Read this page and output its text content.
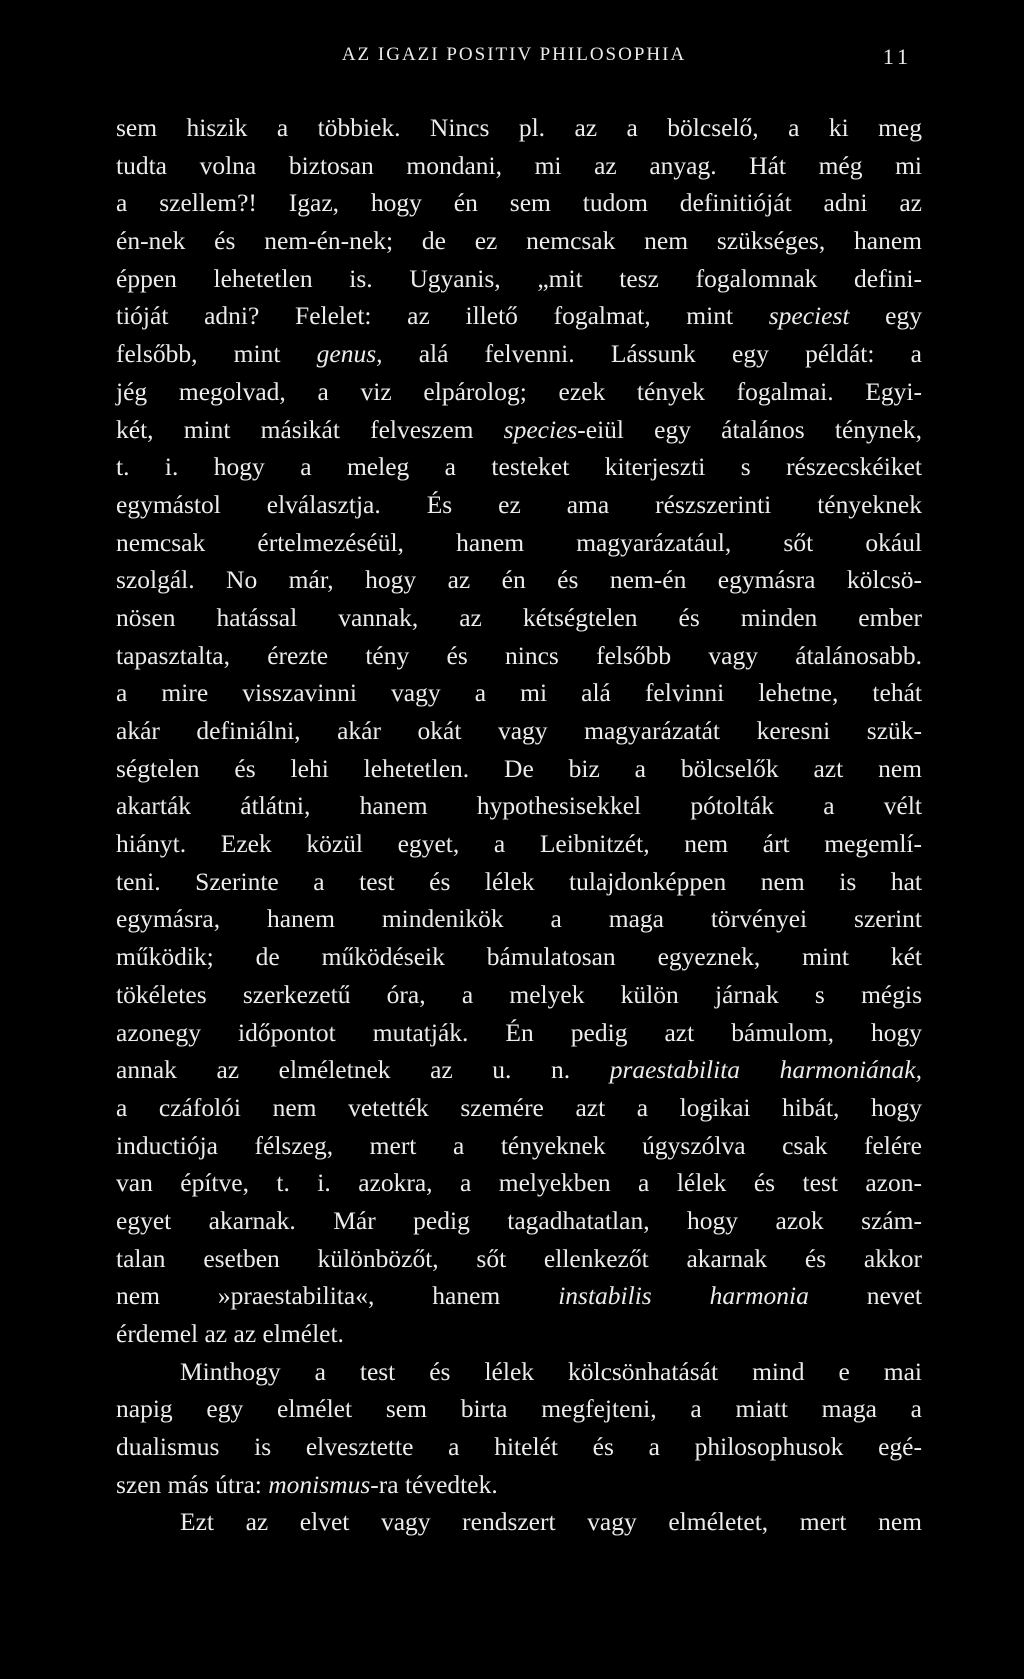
AZ IGAZI POSITIV PHILOSOPHIA	11
sem hiszik a többiek. Nincs pl. az a bölcselő, a ki meg
tudta volna biztosan mondani, mi az anyag. Hát még mi
a szellem?! Igaz, hogy én sem tudom definitióját adni az
én-nek és nem-én-nek; de ez nemcsak nem szükséges, hanem
éppen lehetetlen is. Ugyanis, „mit tesz fogalomnak defini-
tióját adni? Felelet: az illető fogalmat, mint speciest egy
felsőbb, mint genus, alá felvenni. Lássunk egy példát: a
jég megolvad, a viz elpárolog; ezek tények fogalmai. Egyi-
két, mint másikát felveszem species-eiül egy átalános ténynek,
t. i. hogy a meleg a testeket kiterjeszti s részecskéiket
egymástol elválasztja. És ez ama részszerinti tényeknek
nemcsak értelmezéséül, hanem magyarázatául, sőt okául
szolgál. No már, hogy az én és nem-én egymásra kölcsö-
nösen hatással vannak, az kétségtelen és minden ember
tapasztalta, érezte tény és nincs felsőbb vagy átalánosabb.
a mire visszavinni vagy a mi alá felvinni lehetne, tehát
akár definiálni, akár okát vagy magyarázatát keresni szük-
ségtelen és lehi lehetetlen. De biz a bölcselők azt nem
akarták átlátni, hanem hypothesisekkel pótolták a vélt
hiányt. Ezek közül egyet, a Leibnitzét, nem árt megemlí-
teni. Szerinte a test és lélek tulajdonképpen nem is hat
egymásra, hanem mindenikök a maga törvényei szerint
működik; de működéseik bámulatosan egyeznek, mint két
tökéletes szerkezetű óra, a melyek külön járnak s mégis
azonegy időpontot mutatják. Én pedig azt bámulom, hogy
annak az elméletnek az u. n. praestabilita harmoniának,
a czáfolói nem vetették szemére azt a logikai hibát, hogy
inductiója félszeg, mert a tényeknek úgyszólva csak felére
van építve, t. i. azokra, a melyekben a lélek és test azon-
egyet akarnak. Már pedig tagadhatatlan, hogy azok szám-
talan esetben különbözőt, sőt ellenkezőt akarnak és akkor
nem »praestabilita«, hanem instabilis harmonia nevet
érdemel az az elmélet.
Minthogy a test és lélek kölcsönhatását mind e mai
napig egy elmélet sem birta megfejteni, a miatt maga a
dualismus is elvesztette a hitelét és a philosophusok egé-
szen más útra: monismus-ra tévedtek.
Ezt az elvet vagy rendszert vagy elméletet, mert nem
